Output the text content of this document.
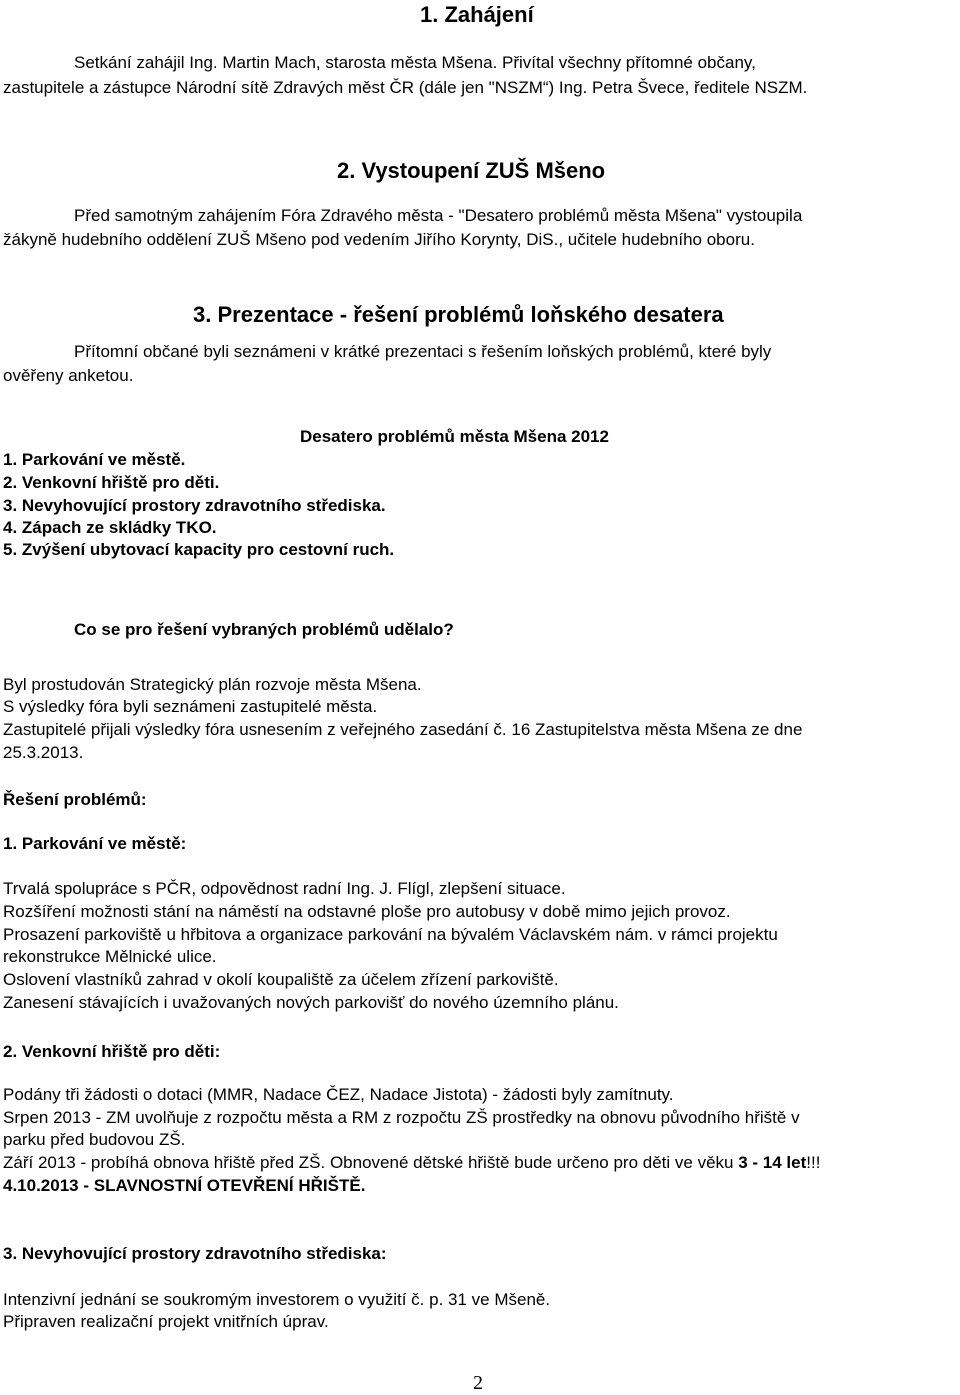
1. Zahájení
Setkání zahájil Ing. Martin Mach, starosta města Mšena. Přivítal všechny přítomné občany,
zastupitele a zástupce Národní sítě Zdravých měst ČR (dále jen "NSZM“) Ing. Petra Švece, ředitele NSZM.
2. Vystoupení ZUŠ Mšeno
Před samotným zahájením Fóra Zdravého města - "Desatero problémů města Mšena" vystoupila
žákyně hudebního oddělení ZUŠ Mšeno pod vedením Jiřího Korynty, DiS., učitele hudebního oboru.
3. Prezentace - řešení problémů loňského desatera
Přítomní občané byli seznámeni v krátké prezentaci s řešením loňských problémů, které byly
ověřeny anketou.
Desatero problémů města Mšena 2012
1. Parkování ve městě.
2. Venkovní hřiště pro děti.
3. Nevyhovující prostory zdravotního střediska.
4. Zápach ze skládky TKO.
5. Zvýšení ubytovací kapacity pro cestovní ruch.
Co se pro řešení vybraných problémů udělalo?
Byl prostudován Strategický plán rozvoje města Mšena.
S výsledky fóra byli seznámeni zastupitelé města.
Zastupitelé přijali výsledky fóra usnesením z veřejného zasedání č. 16 Zastupitelstva města Mšena ze dne
25.3.2013.
Řešení problémů:
1. Parkování ve městě:
Trvalá spolupráce s PČR, odpovědnost radní Ing. J. Flígl, zlepšení situace.
Rozšíření možnosti stání na náměstí na odstavné ploše pro autobusy v době mimo jejich provoz.
Prosazení parkoviště u hřbitova a organizace parkování na bývalém Václavském nám. v rámci projektu
rekonstrukce Mělnické ulice.
Oslovení vlastníků zahrad v okolí koupaliště za účelem zřízení parkoviště.
Zanesení stávajících i uvažovaných nových parkovišť do nového územního plánu.
2. Venkovní hřiště pro děti:
Podány tři žádosti o dotaci (MMR, Nadace ČEZ, Nadace Jistota) - žádosti byly zamítnuty.
Srpen 2013 - ZM uvolňuje z rozpočtu města a RM z rozpočtu ZŠ prostředky na obnovu původního hřiště v
parku před budovou ZŠ.
Září 2013 - probíhá obnova hřiště před ZŠ. Obnovené dětské hřiště bude určeno pro děti ve věku 3 - 14 let!!!
4.10.2013 - SLAVNOSTNÍ OTEVŘENÍ HŘIŠTĚ.
3. Nevyhovující prostory zdravotního střediska:
Intenzivní jednání se soukromým investorem o využití č. p. 31 ve Mšeně.
Připraven realizační projekt vnitřních úprav.
2
